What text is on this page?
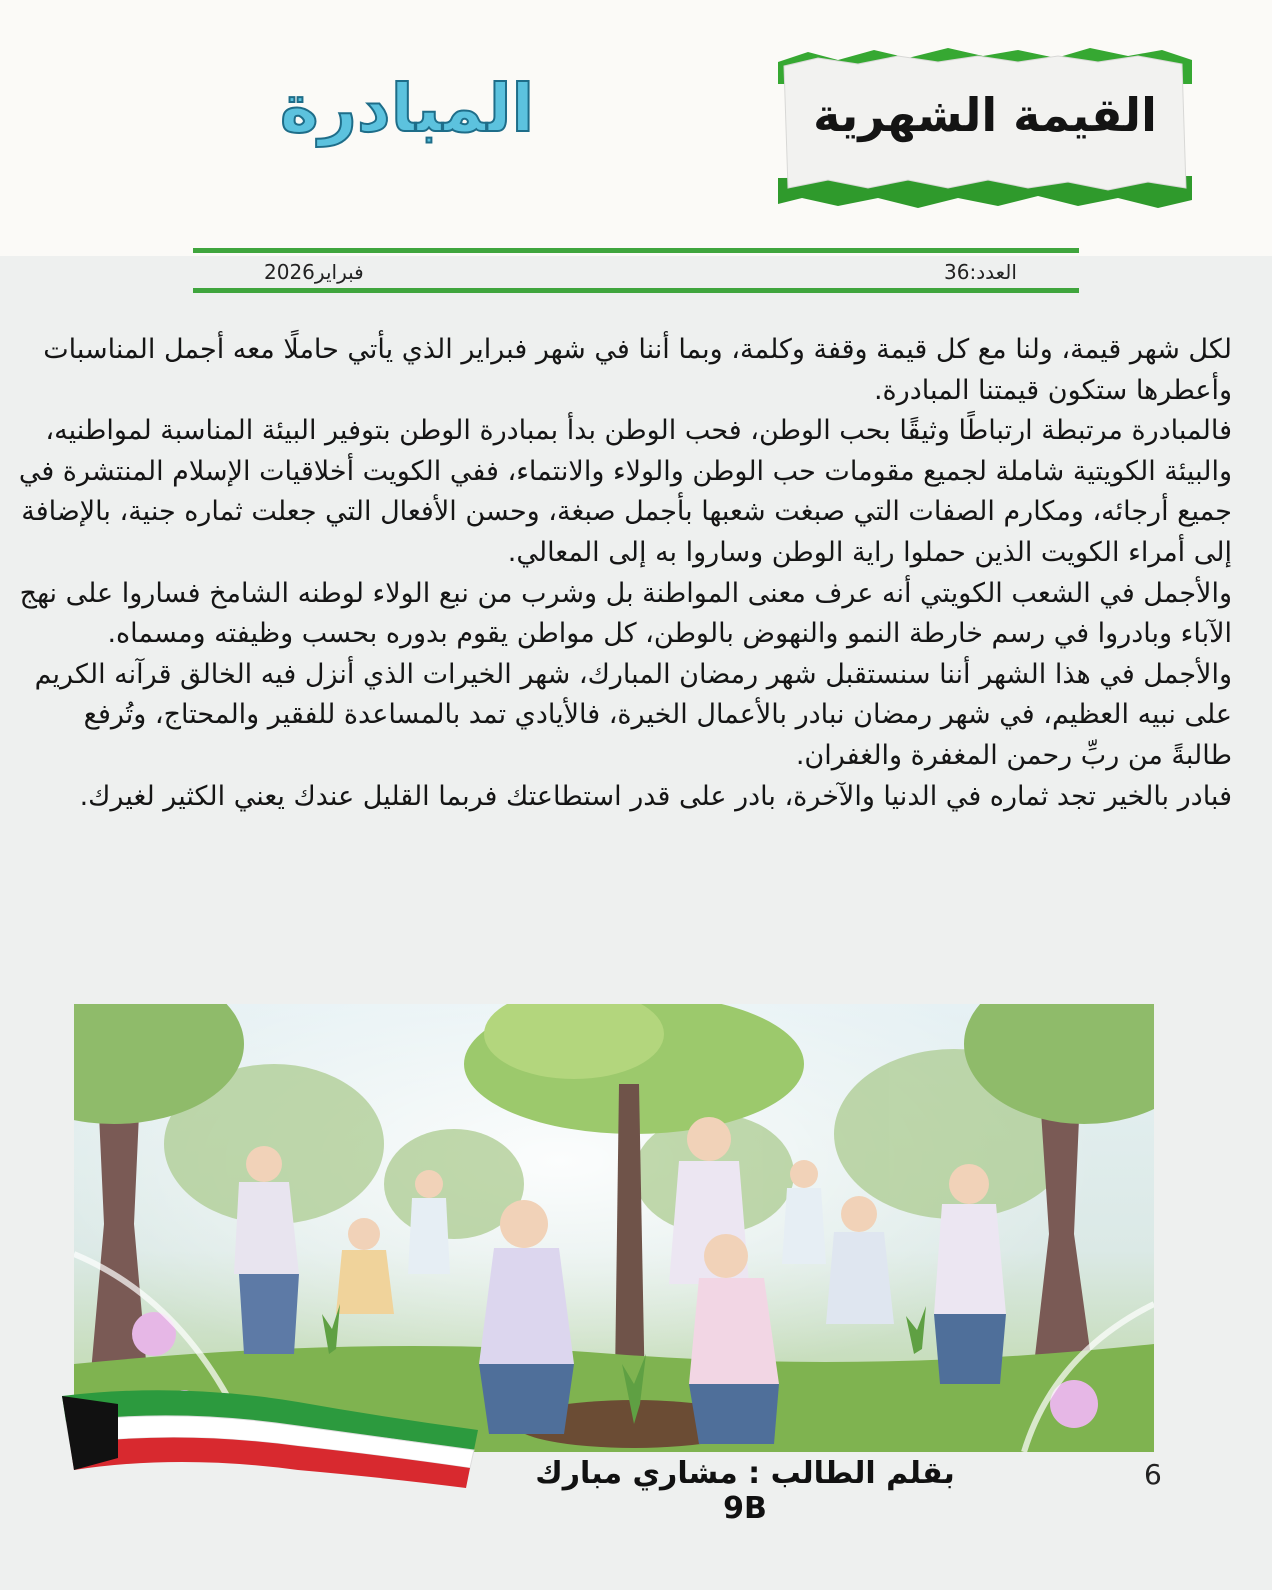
القيمة الشهرية
المبادرة
العدد:36
فبراير2026

لكل شهر قيمة، ولنا مع كل قيمة وقفة وكلمة، وبما أننا في شهر فبراير الذي يأتي حاملًا معه أجمل المناسبات وأعطرها ستكون قيمتنا المبادرة.

فالمبادرة مرتبطة ارتباطًا وثيقًا بحب الوطن، فحب الوطن بدأ بمبادرة الوطن بتوفير البيئة المناسبة لمواطنيه، والبيئة الكويتية شاملة لجميع مقومات حب الوطن والولاء والانتماء، ففي الكويت أخلاقيات الإسلام المنتشرة في جميع أرجائه، ومكارم الصفات التي صبغت شعبها بأجمل صبغة، وحسن الأفعال التي جعلت ثماره جنية، بالإضافة إلى أمراء الكويت الذين حملوا راية الوطن وساروا به إلى المعالي.

والأجمل في الشعب الكويتي أنه عرف معنى المواطنة بل وشرب من نبع الولاء لوطنه الشامخ فساروا على نهج الآباء وبادروا في رسم خارطة النمو والنهوض بالوطن، كل مواطن يقوم بدوره بحسب وظيفته ومسماه.

والأجمل في هذا الشهر أننا سنستقبل شهر رمضان المبارك، شهر الخيرات الذي أنزل فيه الخالق قرآنه الكريم على نبيه العظيم، في شهر رمضان نبادر بالأعمال الخيرة، فالأيادي تمد بالمساعدة للفقير والمحتاج، وتُرفع طالبةً من ربِّ رحمن المغفرة والغفران.

فبادر بالخير تجد ثماره في الدنيا والآخرة، بادر على قدر استطاعتك فربما القليل عندك يعني الكثير لغيرك.

بقلم الطالب : مشاري مبارك 9B
6
